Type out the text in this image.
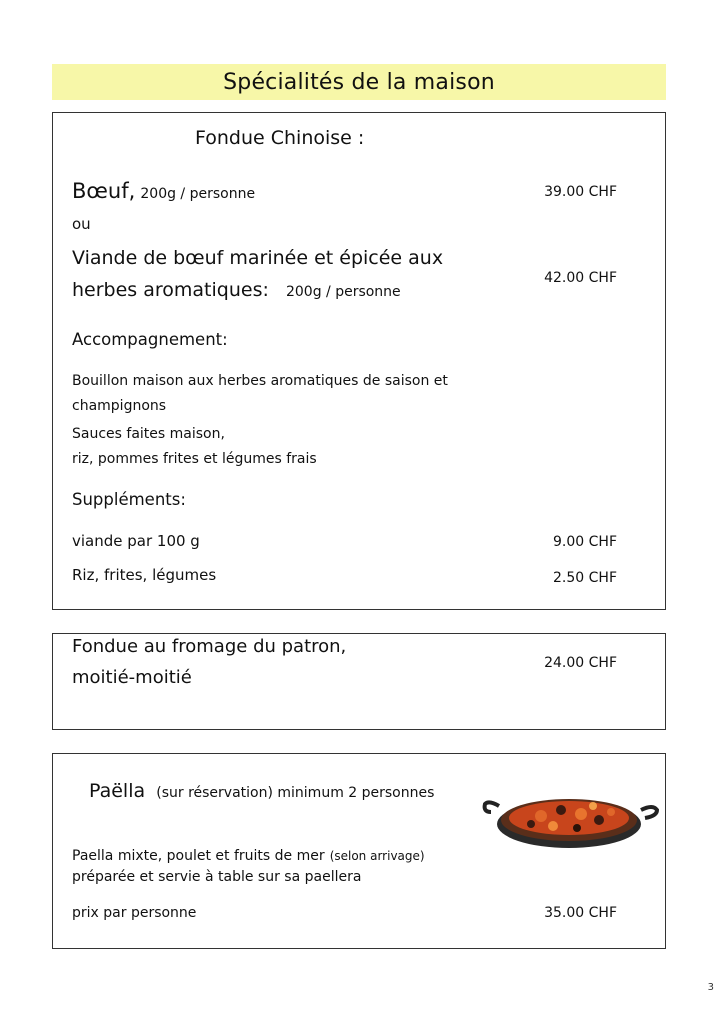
Spécialités de la maison
Fondue Chinoise :
Bœuf, 200g / personne	39.00 CHF
ou
Viande de bœuf marinée et épicée aux
herbes aromatiques: 200g / personne
42.00 CHF
Accompagnement:
Bouillon maison aux herbes aromatiques de saison et
champignons
Sauces faites maison,
riz, pommes frites et légumes frais
Suppléments:
viande par 100 g	9.00 CHF
Riz, frites, légumes	2.50 CHF
Fondue au fromage du patron,
moitié-moitié
24.00 CHF
Paëlla (sur réservation) minimum 2 personnes
Paella mixte, poulet et fruits de mer (selon arrivage)
préparée et servie à table sur sa paellera
prix par personne	35.00 CHF
3
